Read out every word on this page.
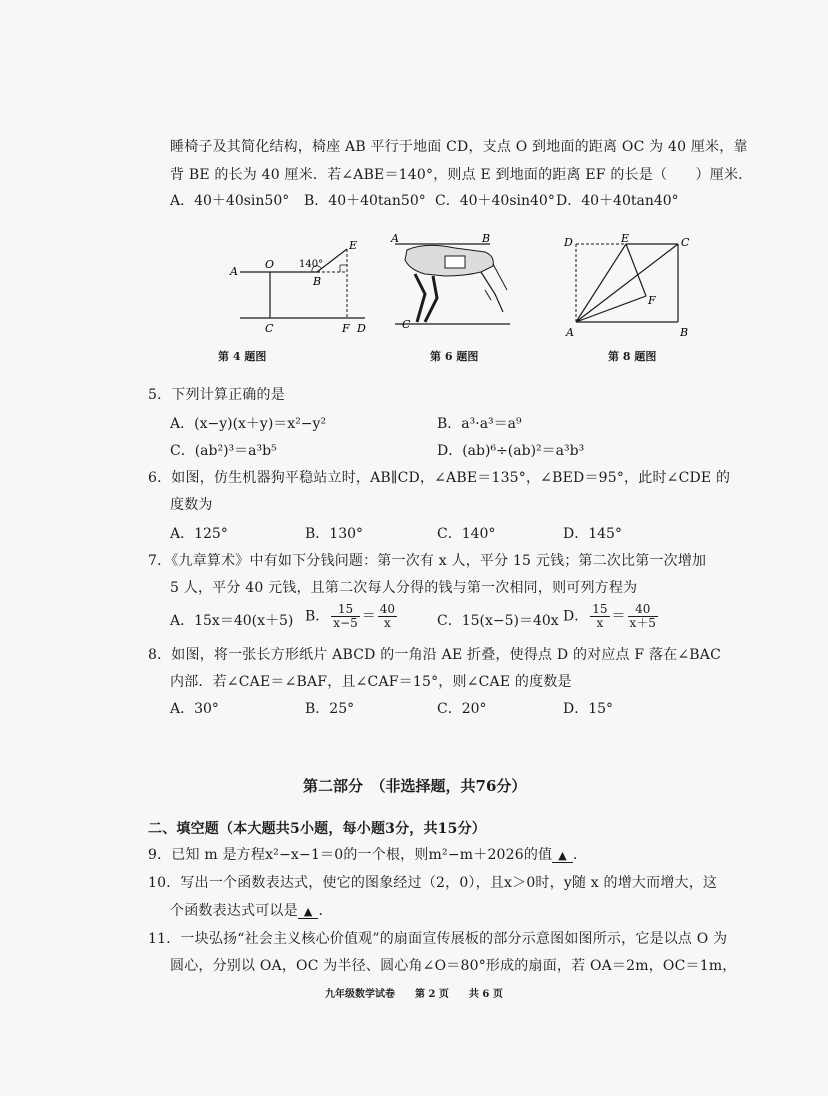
睡椅子及其简化结构，椅座 AB 平行于地面 CD，支点 O 到地面的距离 OC 为 40 厘米，靠
背 BE 的长为 40 厘米．若∠ABE＝140°，则点 E 到地面的距离 EF 的长是（　　）厘米．
A．40＋40sin50° B．40＋40tan50° C．40＋40sin40° D．40＋40tan40°
A
O
B
E
C	F D
140°
第 4 题图
A	B
C
第 6 题图
D	E	C
F
A	B
第 8 题图
5．下列计算正确的是
A．(x−y)(x＋y)＝x²−y²	B．a³·a³＝a⁹
C．(ab²)³＝a³b⁵	D．(ab)⁶÷(ab)²＝a³b³
6．如图，仿生机器狗平稳站立时，AB∥CD，∠ABE＝135°，∠BED＝95°，此时∠CDE 的
度数为
A．125°	B．130°	C．140°	D．145°
7．《九章算术》中有如下分钱问题：第一次有 x 人，平分 15 元钱；第二次比第一次增加
5 人，平分 40 元钱，且第二次每人分得的钱与第一次相同，则可列方程为
A．15x＝40(x＋5) B． $\frac{15}{x-5} = \frac{40}{x}$	C．15(x−5)＝40x D． $\frac{15}{x} = \frac{40}{x+5}$
8．如图，将一张长方形纸片 ABCD 的一角沿 AE 折叠，使得点 D 的对应点 F 落在∠BAC
内部．若∠CAE＝∠BAF，且∠CAF＝15°，则∠CAE 的度数是
A．30°	B．25°	C．20°	D．15°
第二部分　（非选择题，共76分）
二、填空题（本大题共5小题，每小题3分，共15分）
9．已知 m 是方程x²−x−1＝0的一个根，则m²−m＋2026的值 ▲ ．
10．写出一个函数表达式，使它的图象经过（2，0），且x＞0时，y随 x 的增大而增大，这
个函数表达式可以是 ▲ ．
11．一块弘扬“社会主义核心价值观”的扇面宣传展板的部分示意图如图所示，它是以点 O 为
圆心，分别以 OA，OC 为半径、圆心角∠O＝80°形成的扇面，若 OA＝2m，OC＝1m，
九年级数学试卷　　第 2 页　　共 6 页
